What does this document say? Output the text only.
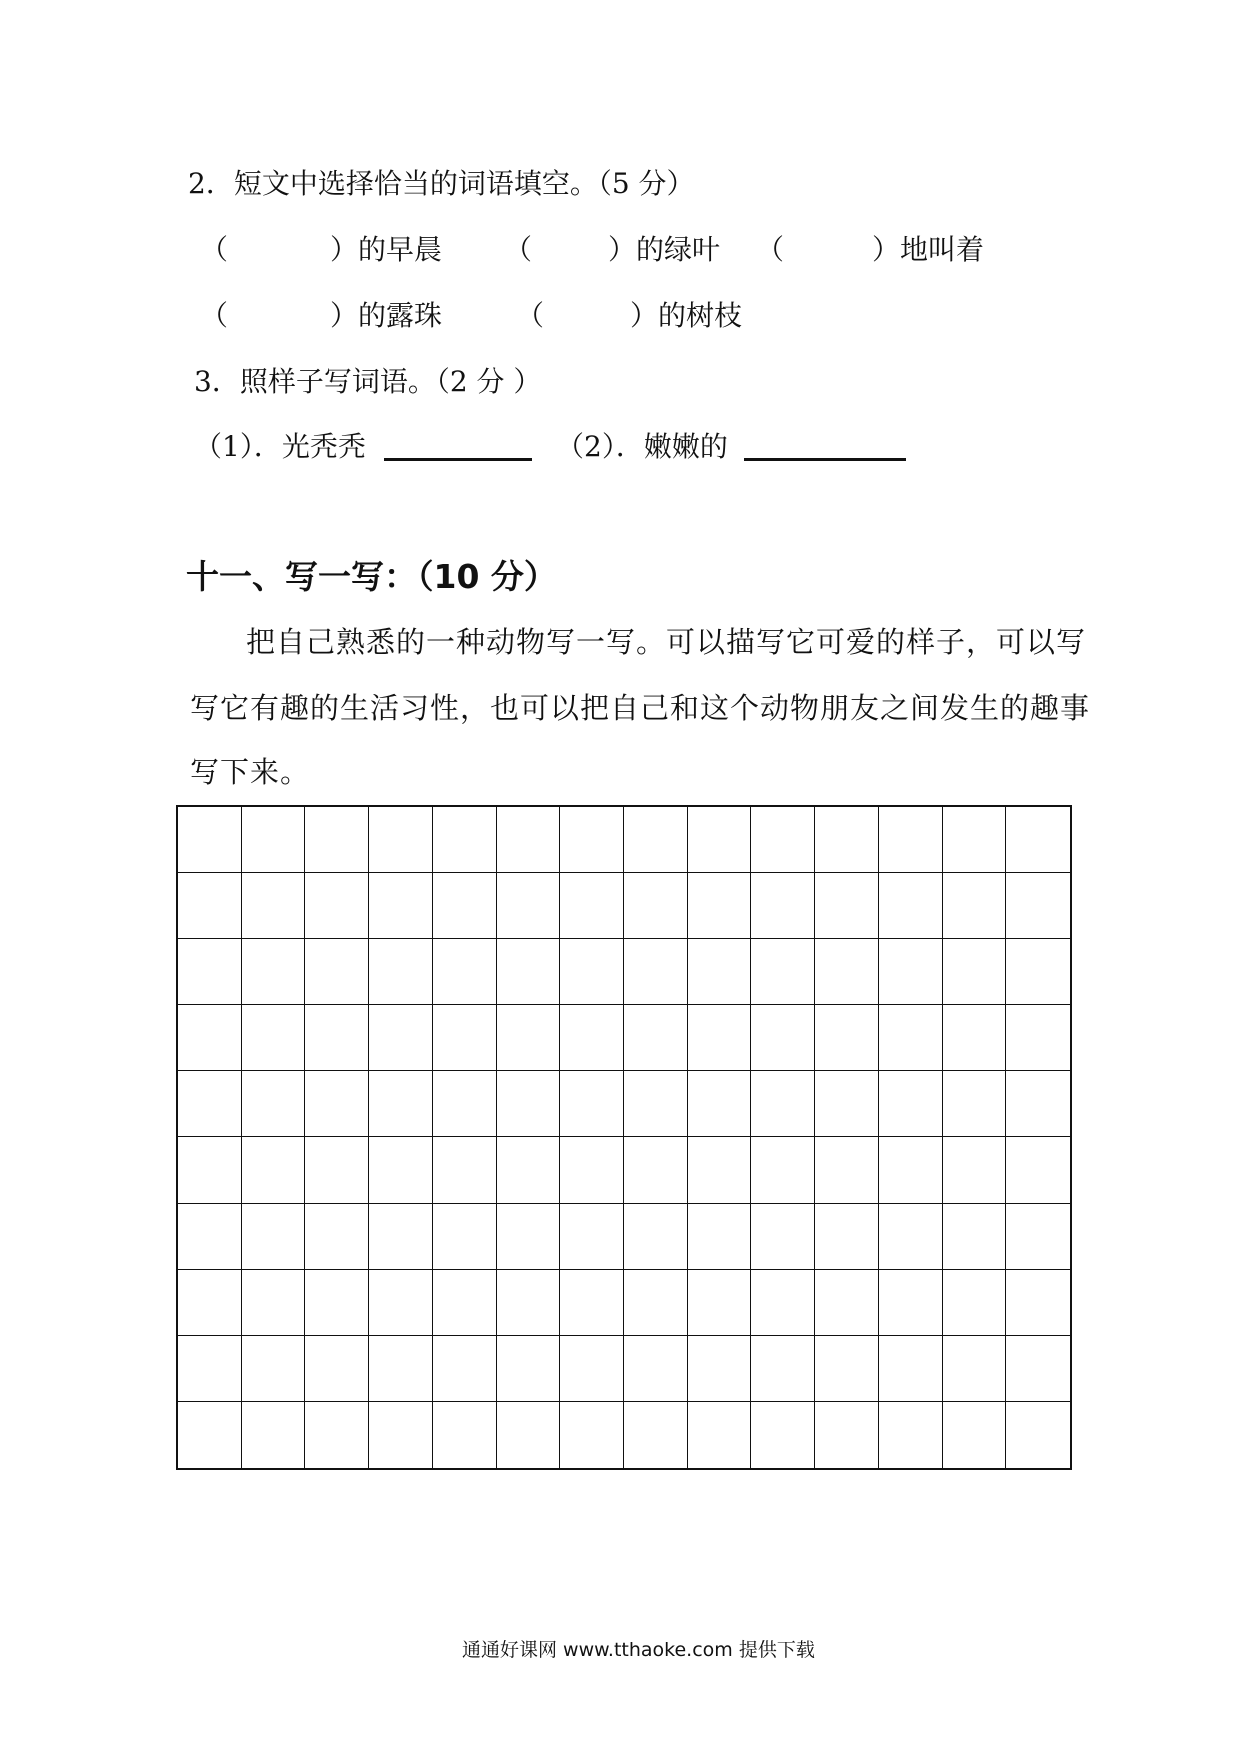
2．短文中选择恰当的词语填空。（5 分）
（	）的早晨 （	）的绿叶 （	）地叫着
（	）的露珠	（	）的树枝
3．照样子写词语。（2 分 ）
（1）．光秃秃	（2）．嫩嫩的
十一、写一写：（10 分）
把自己熟悉的一种动物写一写。可以描写它可爱的样子，可以写
写它有趣的生活习性，也可以把自己和这个动物朋友之间发生的趣事
写下来。
通通好课网 www.tthaoke.com 提供下载
